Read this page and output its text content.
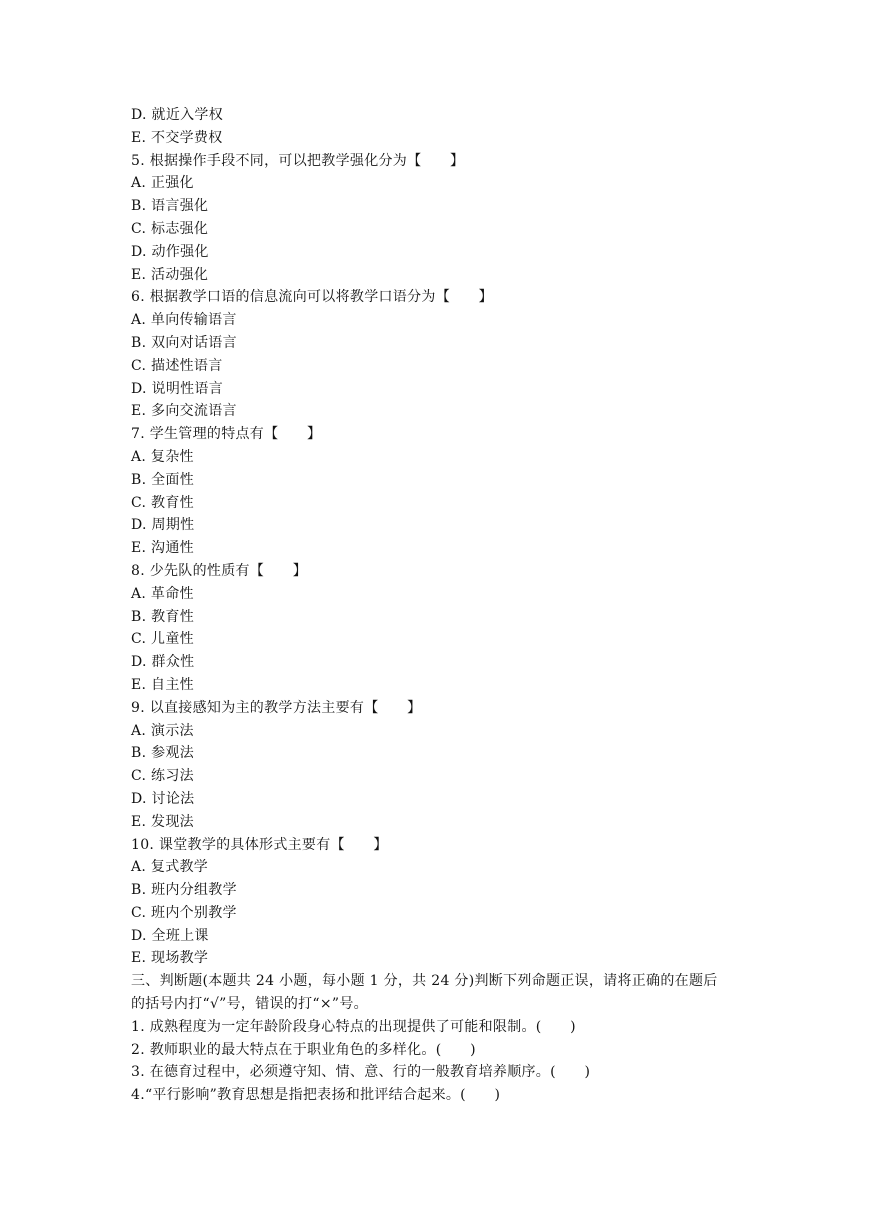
D. 就近入学权
E. 不交学费权
5. 根据操作手段不同，可以把教学强化分为【　　】
A. 正强化
B. 语言强化
C. 标志强化
D. 动作强化
E. 活动强化
6. 根据教学口语的信息流向可以将教学口语分为【　　】
A. 单向传输语言
B. 双向对话语言
C. 描述性语言
D. 说明性语言
E. 多向交流语言
7. 学生管理的特点有【　　】
A. 复杂性
B. 全面性
C. 教育性
D. 周期性
E. 沟通性
8. 少先队的性质有【　　】
A. 革命性
B. 教育性
C. 儿童性
D. 群众性
E. 自主性
9. 以直接感知为主的教学方法主要有【　　】
A. 演示法
B. 参观法
C. 练习法
D. 讨论法
E. 发现法
10. 课堂教学的具体形式主要有【　　】
A. 复式教学
B. 班内分组教学
C. 班内个别教学
D. 全班上课
E. 现场教学
三、判断题(本题共 24 小题，每小题 1 分，共 24 分)判断下列命题正误，请将正确的在题后
的括号内打“√”号，错误的打“×”号。
1. 成熟程度为一定年龄阶段身心特点的出现提供了可能和限制。(　　)
2. 教师职业的最大特点在于职业角色的多样化。(　　)
3. 在德育过程中，必须遵守知、情、意、行的一般教育培养顺序。(　　)
4.“平行影响”教育思想是指把表扬和批评结合起来。(　　)
